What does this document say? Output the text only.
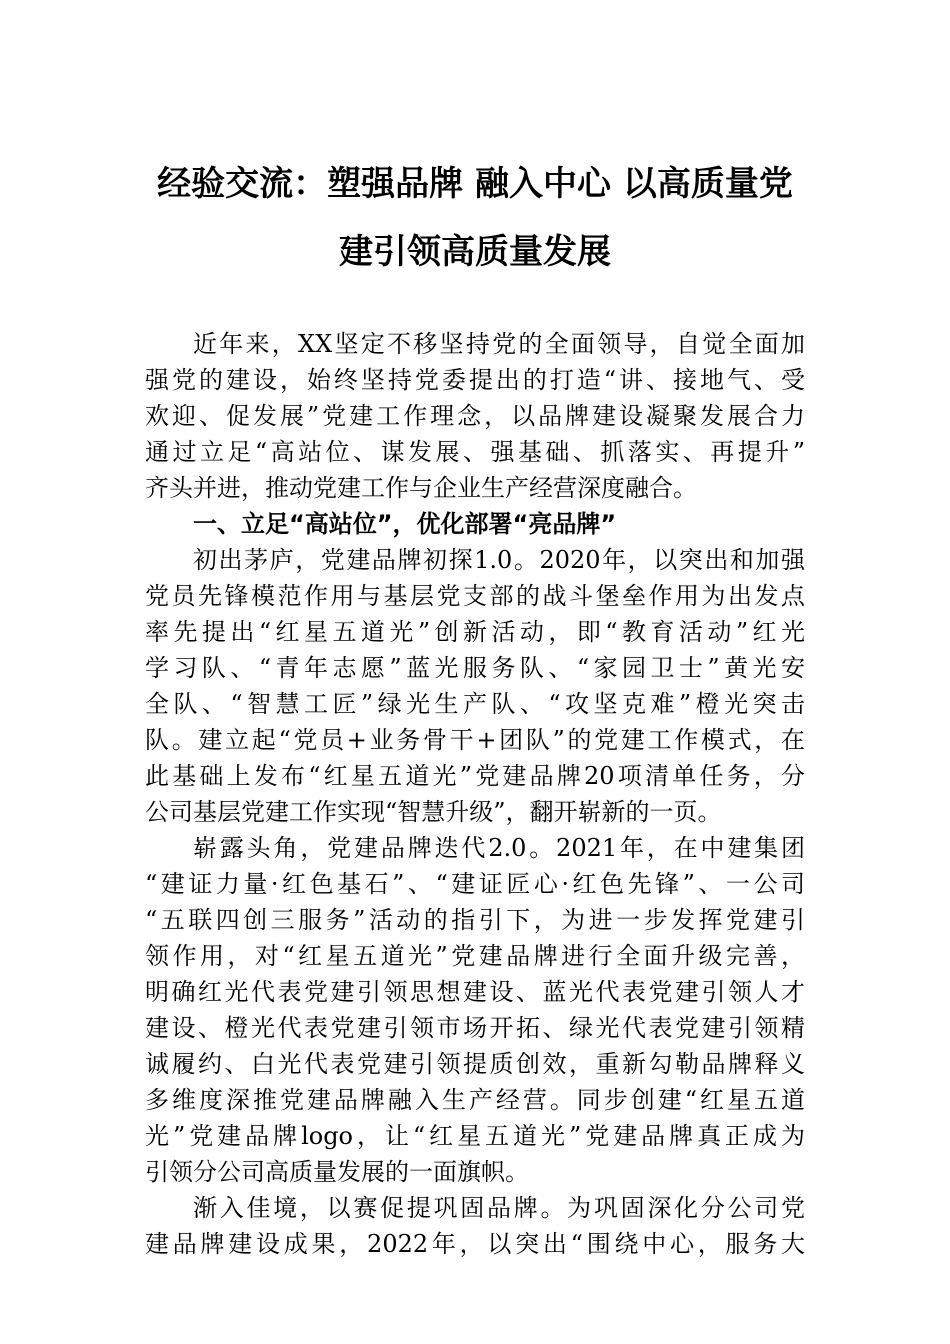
经验交流：塑强品牌 融入中心 以高质量党
建引领高质量发展
近年来，XX坚定不移坚持党的全面领导，自觉全面加
强党的建设，始终坚持党委提出的打造“讲、接地气、受
欢迎、促发展”党建工作理念，以品牌建设凝聚发展合力
通过立足“高站位、谋发展、强基础、抓落实、再提升”
齐头并进，推动党建工作与企业生产经营深度融合。
一、立足“高站位”，优化部署“亮品牌”
初出茅庐，党建品牌初探1.0。2020年，以突出和加强
党员先锋模范作用与基层党支部的战斗堡垒作用为出发点
率先提出“红星五道光”创新活动，即“教育活动”红光
学习队、“青年志愿”蓝光服务队、“家园卫士”黄光安
全队、“智慧工匠”绿光生产队、“攻坚克难”橙光突击
队。建立起“党员+业务骨干+团队”的党建工作模式，在
此基础上发布“红星五道光”党建品牌20项清单任务，分
公司基层党建工作实现“智慧升级”，翻开崭新的一页。
崭露头角，党建品牌迭代2.0。2021年，在中建集团
“建证力量·红色基石”、“建证匠心·红色先锋”、一公司
“五联四创三服务”活动的指引下，为进一步发挥党建引
领作用，对“红星五道光”党建品牌进行全面升级完善，
明确红光代表党建引领思想建设、蓝光代表党建引领人才
建设、橙光代表党建引领市场开拓、绿光代表党建引领精
诚履约、白光代表党建引领提质创效，重新勾勒品牌释义
多维度深推党建品牌融入生产经营。同步创建“红星五道
光”党建品牌logo，让“红星五道光”党建品牌真正成为
引领分公司高质量发展的一面旗帜。
渐入佳境，以赛促提巩固品牌。为巩固深化分公司党
建品牌建设成果，2022年，以突出“围绕中心，服务大
